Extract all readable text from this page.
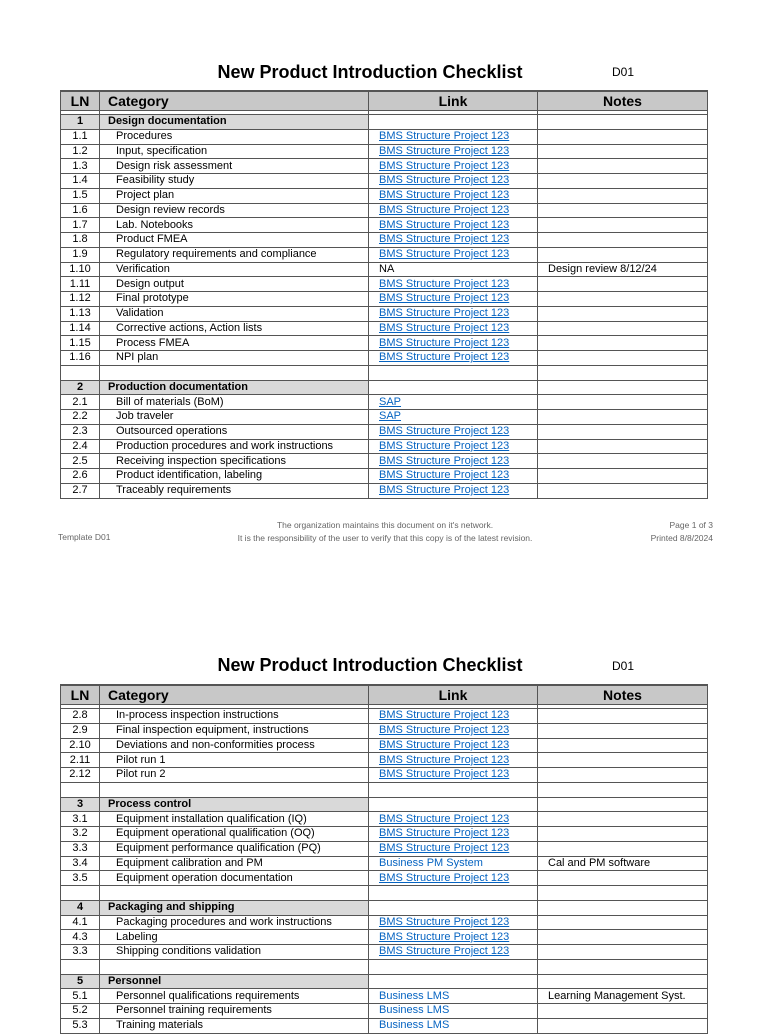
New Product Introduction Checklist	D01
LN	Category	Link	Notes

1	Design documentation		
1.1	Procedures	BMS Structure Project 123	
1.2	Input, specification	BMS Structure Project 123	
1.3	Design risk assessment	BMS Structure Project 123	
1.4	Feasibility study	BMS Structure Project 123	
1.5	Project plan	BMS Structure Project 123	
1.6	Design review records	BMS Structure Project 123	
1.7	Lab. Notebooks	BMS Structure Project 123	
1.8	Product FMEA	BMS Structure Project 123	
1.9	Regulatory requirements and compliance	BMS Structure Project 123	
1.10	Verification	NA	Design review 8/12/24
1.11	Design output	BMS Structure Project 123	
1.12	Final prototype	BMS Structure Project 123	
1.13	Validation	BMS Structure Project 123	
1.14	Corrective actions, Action lists	BMS Structure Project 123	
1.15	Process FMEA	BMS Structure Project 123	
1.16	NPI plan	BMS Structure Project 123	

2	Production documentation		
2.1	Bill of materials (BoM)	SAP	
2.2	Job traveler	SAP	
2.3	Outsourced operations	BMS Structure Project 123	
2.4	Production procedures and work instructions	BMS Structure Project 123	
2.5	Receiving inspection specifications	BMS Structure Project 123	
2.6	Product identification, labeling	BMS Structure Project 123	
2.7	Traceably requirements	BMS Structure Project 123	
Template D01
The organization maintains this document on it's network.
It is the responsibility of the user to verify that this copy is of the latest revision.
Page 1 of 3
Printed 8/8/2024
New Product Introduction Checklist	D01
LN	Category	Link	Notes

2.8	In-process inspection instructions	BMS Structure Project 123	
2.9	Final inspection equipment, instructions	BMS Structure Project 123	
2.10	Deviations and non-conformities process	BMS Structure Project 123	
2.11	Pilot run 1	BMS Structure Project 123	
2.12	Pilot run 2	BMS Structure Project 123	

3	Process control		
3.1	Equipment installation qualification (IQ)	BMS Structure Project 123	
3.2	Equipment operational qualification (OQ)	BMS Structure Project 123	
3.3	Equipment performance qualification (PQ)	BMS Structure Project 123	
3.4	Equipment calibration and PM	Business PM System	Cal and PM software
3.5	Equipment operation documentation	BMS Structure Project 123	

4	Packaging and shipping		
4.1	Packaging procedures and work instructions	BMS Structure Project 123	
4.3	Labeling	BMS Structure Project 123	
3.3	Shipping conditions validation	BMS Structure Project 123	

5	Personnel		
5.1	Personnel qualifications requirements	Business LMS	Learning Management Syst.
5.2	Personnel training requirements	Business LMS	
5.3	Training materials	Business LMS	
